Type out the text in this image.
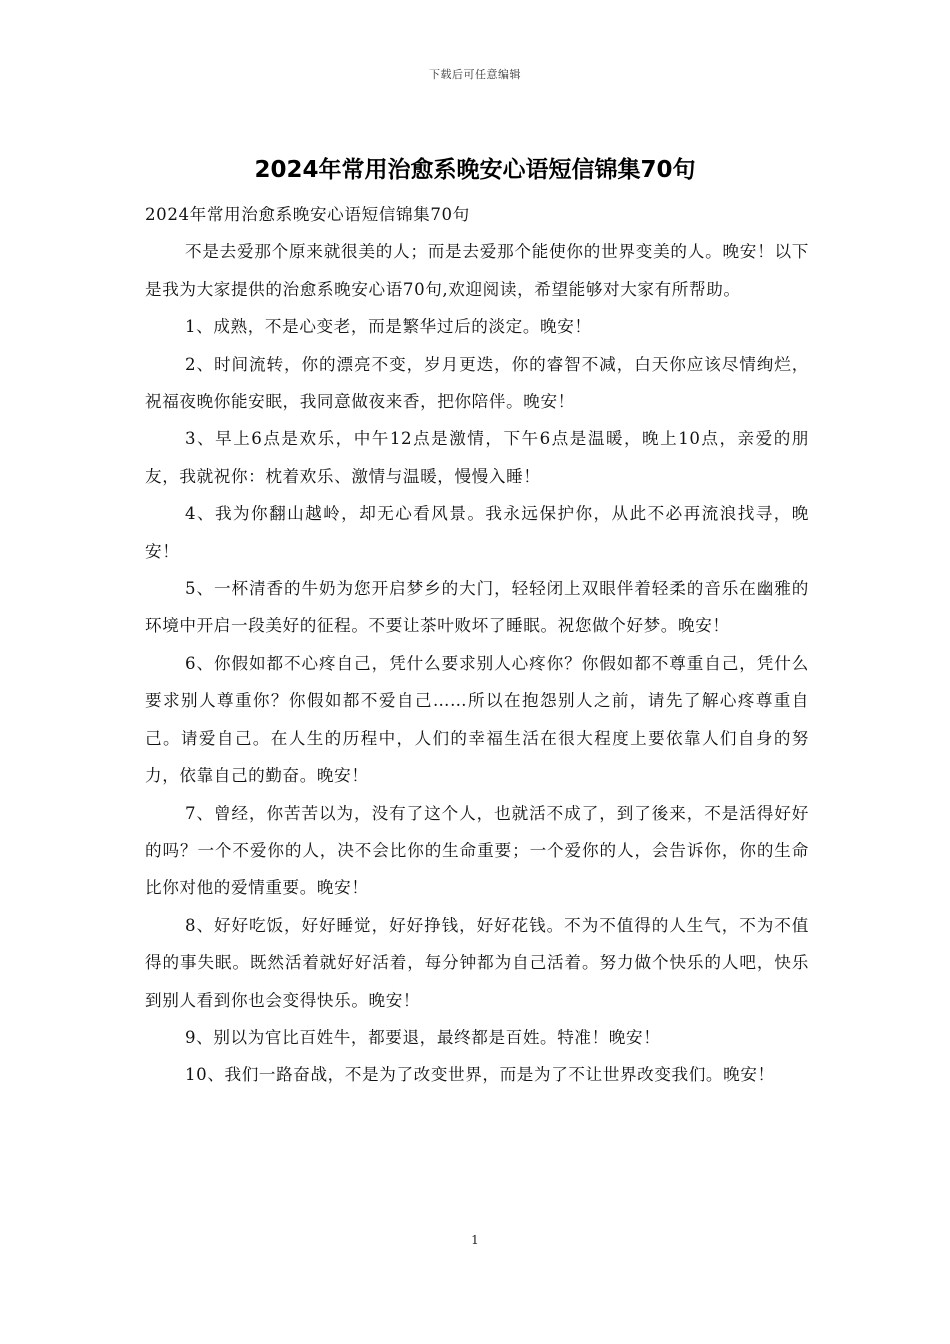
下载后可任意编辑
2024年常用治愈系晚安心语短信锦集70句

2024年常用治愈系晚安心语短信锦集70句

不是去爱那个原来就很美的人；而是去爱那个能使你的世界变美的人。晚安！以下是我为大家提供的治愈系晚安心语70句,欢迎阅读，希望能够对大家有所帮助。

1、成熟，不是心变老，而是繁华过后的淡定。晚安！

2、时间流转，你的漂亮不变，岁月更迭，你的睿智不减，白天你应该尽情绚烂，祝福夜晚你能安眠，我同意做夜来香，把你陪伴。晚安！

3、早上6点是欢乐，中午12点是激情，下午6点是温暖，晚上10点，亲爱的朋友，我就祝你：枕着欢乐、激情与温暖，慢慢入睡！

4、我为你翻山越岭，却无心看风景。我永远保护你，从此不必再流浪找寻，晚安！

5、一杯清香的牛奶为您开启梦乡的大门，轻轻闭上双眼伴着轻柔的音乐在幽雅的环境中开启一段美好的征程。不要让茶叶败坏了睡眠。祝您做个好梦。晚安！

6、你假如都不心疼自己，凭什么要求别人心疼你？你假如都不尊重自己，凭什么要求别人尊重你？你假如都不爱自己……所以在抱怨别人之前，请先了解心疼尊重自己。请爱自己。在人生的历程中，人们的幸福生活在很大程度上要依靠人们自身的努力，依靠自己的勤奋。晚安！

7、曾经，你苦苦以为，没有了这个人，也就活不成了，到了後来，不是活得好好的吗？一个不爱你的人，决不会比你的生命重要；一个爱你的人，会告诉你，你的生命比你对他的爱情重要。晚安！

8、好好吃饭，好好睡觉，好好挣钱，好好花钱。不为不值得的人生气，不为不值得的事失眠。既然活着就好好活着，每分钟都为自己活着。努力做个快乐的人吧，快乐到别人看到你也会变得快乐。晚安！

9、别以为官比百姓牛，都要退，最终都是百姓。特准！晚安！

10、我们一路奋战，不是为了改变世界，而是为了不让世界改变我们。晚安！

1
